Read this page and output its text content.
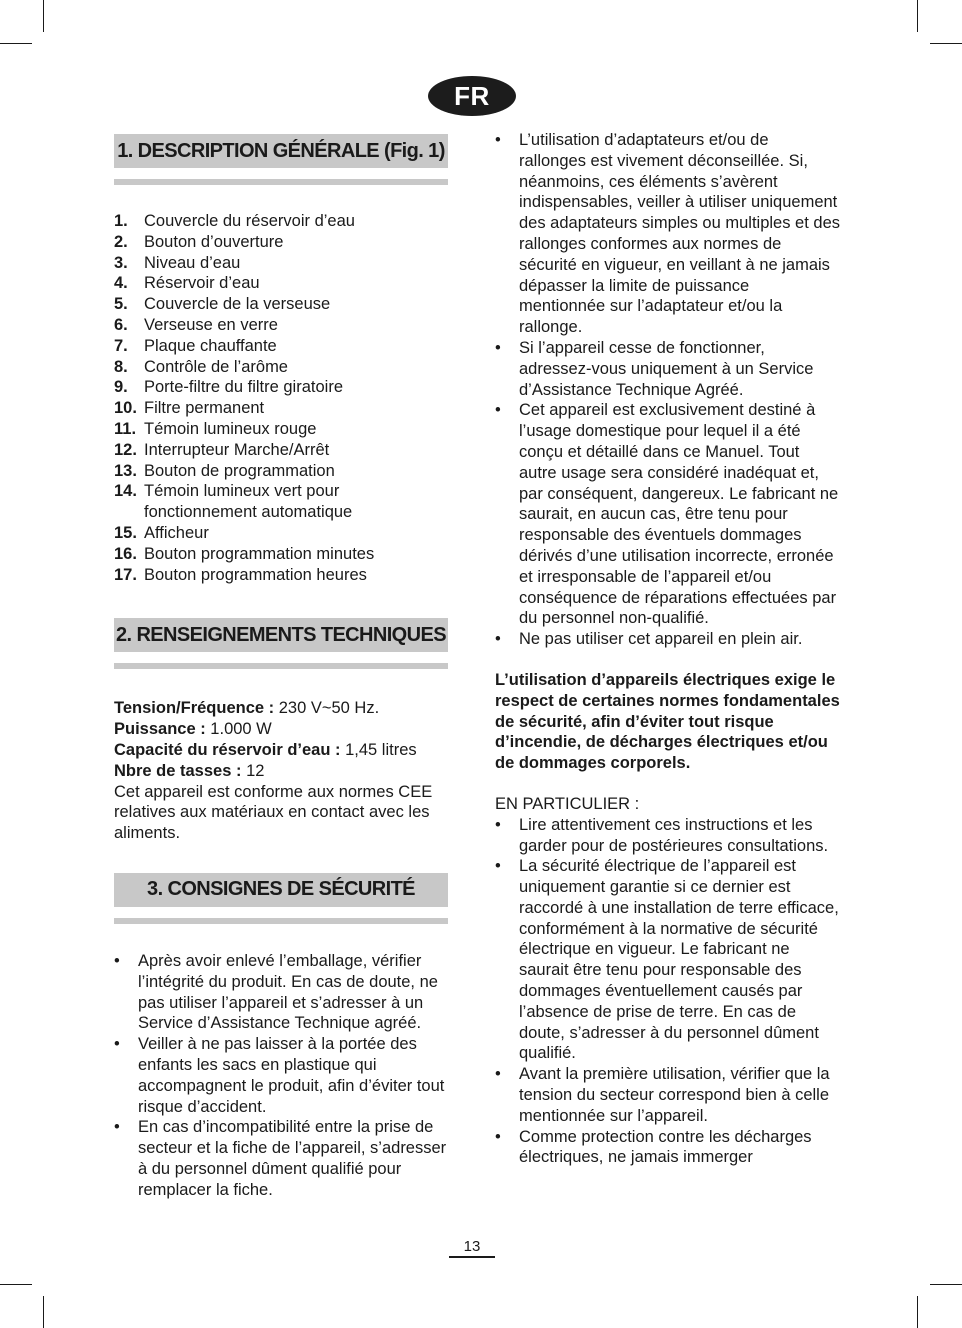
FR
1. DESCRIPTION GÉNÉRALE (Fig. 1)
1. Couvercle du réservoir d’eau
2. Bouton d’ouverture
3. Niveau d’eau
4. Réservoir d’eau
5. Couvercle de la verseuse
6. Verseuse en verre
7. Plaque chauffante
8. Contrôle de l’arôme
9. Porte-filtre du filtre giratoire
10. Filtre permanent
11. Témoin lumineux rouge
12. Interrupteur Marche/Arrêt
13. Bouton de programmation
14. Témoin lumineux vert pour fonctionnement automatique
15. Afficheur
16. Bouton programmation minutes
17. Bouton programmation heures
2. RENSEIGNEMENTS TECHNIQUES
Tension/Fréquence : 230 V~50 Hz.
Puissance : 1.000 W
Capacité du réservoir d’eau : 1,45 litres
Nbre de tasses : 12
Cet appareil est conforme aux normes CEE relatives aux matériaux en contact avec les aliments.
3. CONSIGNES DE SÉCURITÉ
• Après avoir enlevé l’emballage, vérifier l’intégrité du produit. En cas de doute, ne pas utiliser l’appareil et s’adresser à un Service d’Assistance Technique agréé.
• Veiller à ne pas laisser à la portée des enfants les sacs en plastique qui accompagnent le produit, afin d’éviter tout risque d’accident.
• En cas d’incompatibilité entre la prise de secteur et la fiche de l’appareil, s’adresser à du personnel dûment qualifié pour remplacer la fiche.
• L’utilisation d’adaptateurs et/ou de rallonges est vivement déconseillée. Si, néanmoins, ces éléments s’avèrent indispensables, veiller à utiliser uniquement des adaptateurs simples ou multiples et des rallonges conformes aux normes de sécurité en vigueur, en veillant à ne jamais dépasser la limite de puissance mentionnée sur l’adaptateur et/ou la rallonge.
• Si l’appareil cesse de fonctionner, adressez-vous uniquement à un Service d’Assistance Technique Agréé.
• Cet appareil est exclusivement destiné à l’usage domestique pour lequel il a été conçu et détaillé dans ce Manuel. Tout autre usage sera considéré inadéquat et, par conséquent, dangereux. Le fabricant ne saurait, en aucun cas, être tenu pour responsable des éventuels dommages dérivés d’une utilisation incorrecte, erronée et irresponsable de l’appareil et/ou conséquence de réparations effectuées par du personnel non-qualifié.
• Ne pas utiliser cet appareil en plein air.

L’utilisation d’appareils électriques exige le respect de certaines normes fondamentales de sécurité, afin d’éviter tout risque d’incendie, de décharges électriques et/ou de dommages corporels.

EN PARTICULIER :
• Lire attentivement ces instructions et les garder pour de postérieures consultations.
• La sécurité électrique de l’appareil est uniquement garantie si ce dernier est raccordé à une installation de terre efficace, conformément à la normative de sécurité électrique en vigueur. Le fabricant ne saurait être tenu pour responsable des dommages éventuellement causés par l’absence de prise de terre. En cas de doute, s’adresser à du personnel dûment qualifié.
• Avant la première utilisation, vérifier que la tension du secteur correspond bien à celle mentionnée sur l’appareil.
• Comme protection contre les décharges électriques, ne jamais immerger
13
